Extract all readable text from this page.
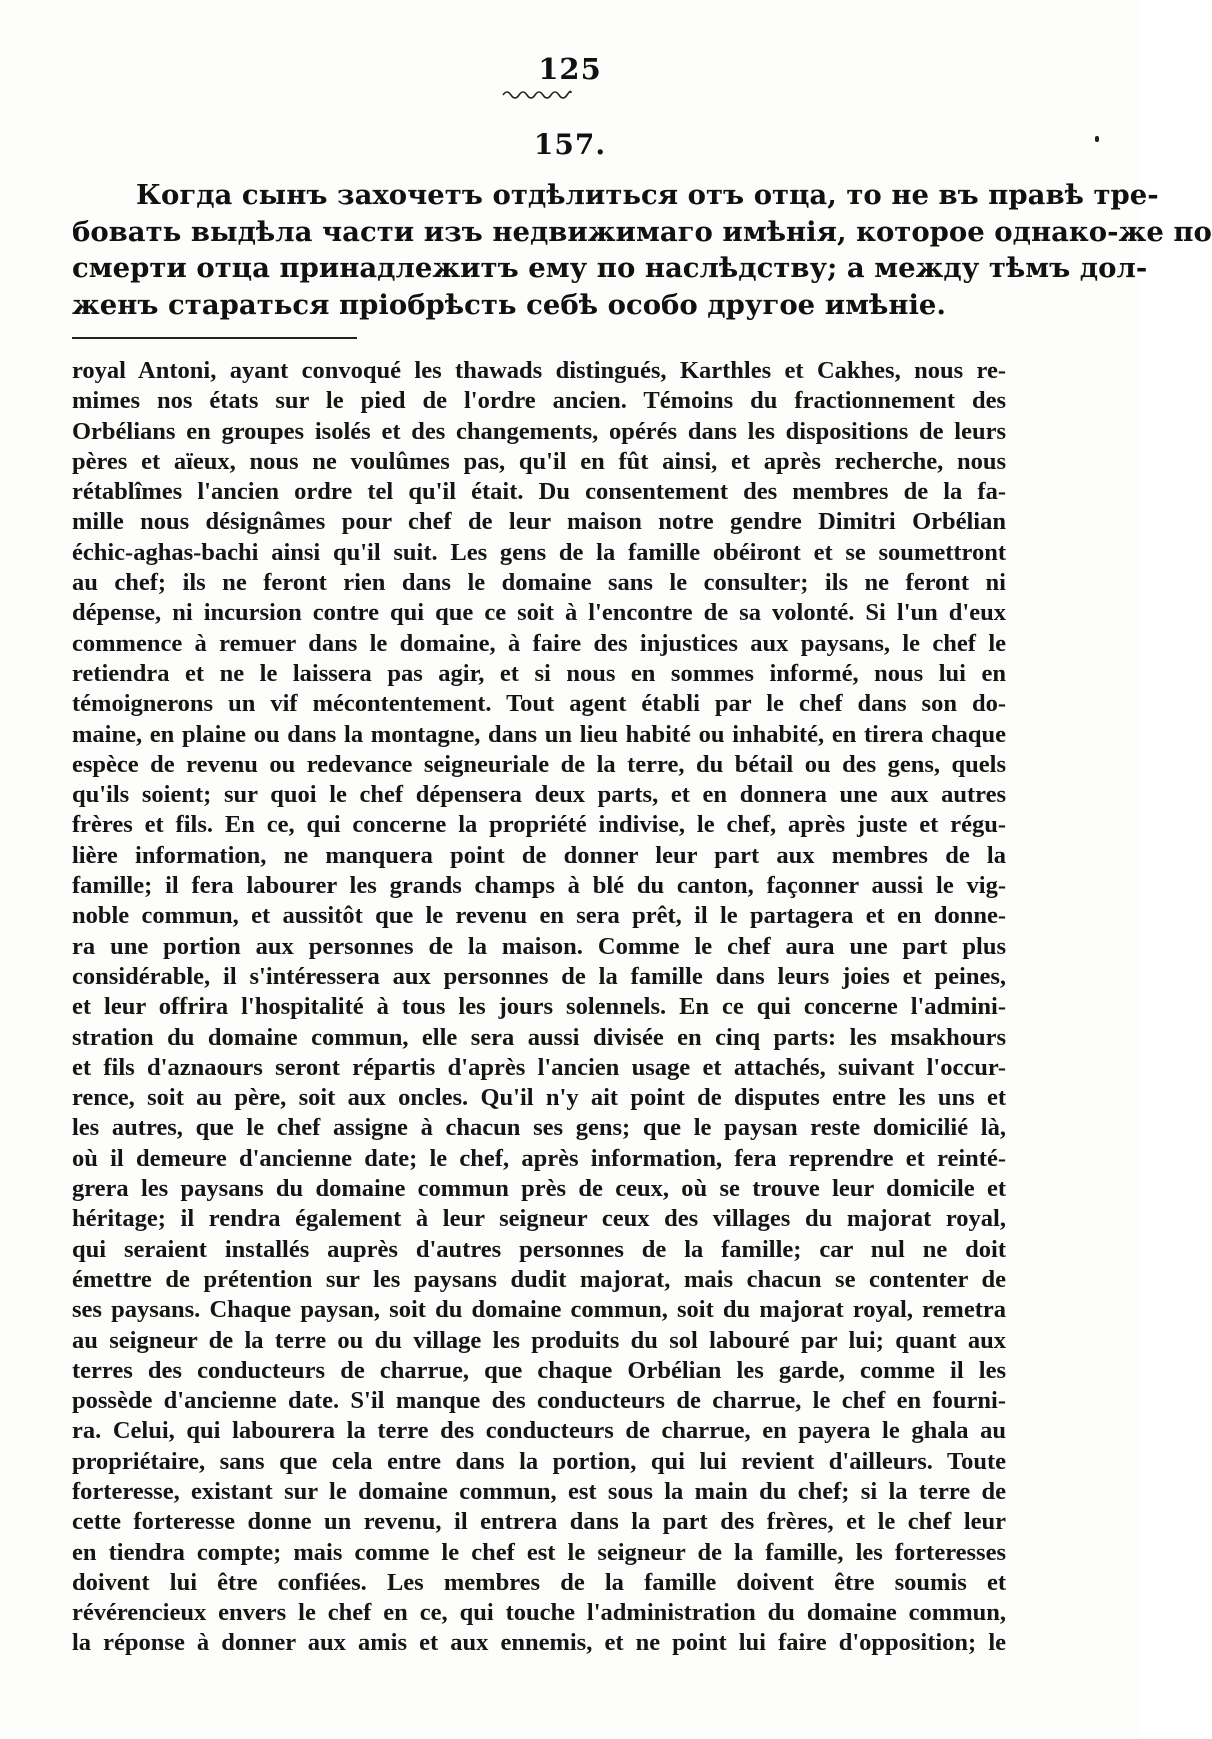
125
157.
Когда сынъ захочетъ отдѣлиться отъ отца, то не въ правѣ тре-
бовать выдѣла части изъ недвижимаго имѣнія, которое однако-же по
смерти отца принадлежитъ ему по наслѣдству; а между тѣмъ дол-
женъ стараться пріобрѣсть себѣ особо другое имѣніе.
royal Antoni, ayant convoqué les thawads distingués, Karthles et Cakhes, nous re-
mimes nos états sur le pied de l'ordre ancien. Témoins du fractionnement des
Orbélians en groupes isolés et des changements, opérés dans les dispositions de leurs
pères et aïeux, nous ne voulûmes pas, qu'il en fût ainsi, et après recherche, nous
rétablîmes l'ancien ordre tel qu'il était. Du consentement des membres de la fa-
mille nous désignâmes pour chef de leur maison notre gendre Dimitri Orbélian
échic-aghas-bachi ainsi qu'il suit. Les gens de la famille obéiront et se soumettront
au chef; ils ne feront rien dans le domaine sans le consulter; ils ne feront ni
dépense, ni incursion contre qui que ce soit à l'encontre de sa volonté. Si l'un d'eux
commence à remuer dans le domaine, à faire des injustices aux paysans, le chef le
retiendra et ne le laissera pas agir, et si nous en sommes informé, nous lui en
témoignerons un vif mécontentement. Tout agent établi par le chef dans son do-
maine, en plaine ou dans la montagne, dans un lieu habité ou inhabité, en tirera chaque
espèce de revenu ou redevance seigneuriale de la terre, du bétail ou des gens, quels
qu'ils soient; sur quoi le chef dépensera deux parts, et en donnera une aux autres
frères et fils. En ce, qui concerne la propriété indivise, le chef, après juste et régu-
lière information, ne manquera point de donner leur part aux membres de la
famille; il fera labourer les grands champs à blé du canton, façonner aussi le vig-
noble commun, et aussitôt que le revenu en sera prêt, il le partagera et en donne-
ra une portion aux personnes de la maison. Comme le chef aura une part plus
considérable, il s'intéressera aux personnes de la famille dans leurs joies et peines,
et leur offrira l'hospitalité à tous les jours solennels. En ce qui concerne l'admini-
stration du domaine commun, elle sera aussi divisée en cinq parts: les msakhours
et fils d'aznaours seront répartis d'après l'ancien usage et attachés, suivant l'occur-
rence, soit au père, soit aux oncles. Qu'il n'y ait point de disputes entre les uns et
les autres, que le chef assigne à chacun ses gens; que le paysan reste domicilié là,
où il demeure d'ancienne date; le chef, après information, fera reprendre et reinté-
grera les paysans du domaine commun près de ceux, où se trouve leur domicile et
héritage; il rendra également à leur seigneur ceux des villages du majorat royal,
qui seraient installés auprès d'autres personnes de la famille; car nul ne doit
émettre de prétention sur les paysans dudit majorat, mais chacun se contenter de
ses paysans. Chaque paysan, soit du domaine commun, soit du majorat royal, remetra
au seigneur de la terre ou du village les produits du sol labouré par lui; quant aux
terres des conducteurs de charrue, que chaque Orbélian les garde, comme il les
possède d'ancienne date. S'il manque des conducteurs de charrue, le chef en fourni-
ra. Celui, qui labourera la terre des conducteurs de charrue, en payera le ghala au
propriétaire, sans que cela entre dans la portion, qui lui revient d'ailleurs. Toute
forteresse, existant sur le domaine commun, est sous la main du chef; si la terre de
cette forteresse donne un revenu, il entrera dans la part des frères, et le chef leur
en tiendra compte; mais comme le chef est le seigneur de la famille, les forteresses
doivent lui être confiées. Les membres de la famille doivent être soumis et
révérencieux envers le chef en ce, qui touche l'administration du domaine commun,
la réponse à donner aux amis et aux ennemis, et ne point lui faire d'opposition; le
